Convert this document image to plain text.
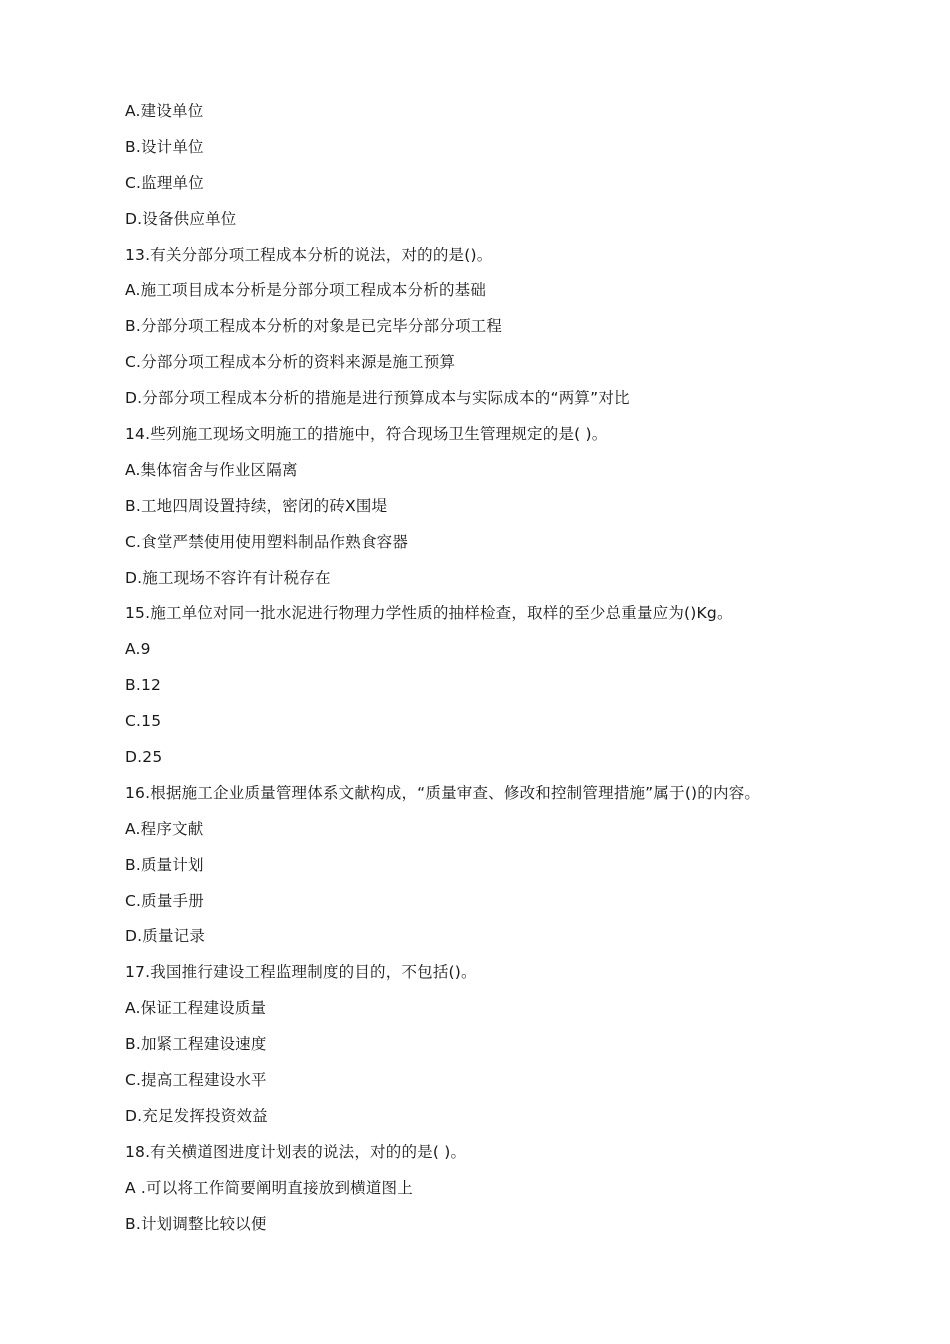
A.建设单位
B.设计单位
C.监理单位
D.设备供应单位
13.有关分部分项工程成本分析的说法，对的的是()。
A.施工项目成本分析是分部分项工程成本分析的基础
B.分部分项工程成本分析的对象是已完毕分部分项工程
C.分部分项工程成本分析的资料来源是施工预算
D.分部分项工程成本分析的措施是进行预算成本与实际成本的“两算”对比
14.些列施工现场文明施工的措施中，符合现场卫生管理规定的是( )。
A.集体宿舍与作业区隔离
B.工地四周设置持续，密闭的砖X围堤
C.食堂严禁使用使用塑料制品作熟食容器
D.施工现场不容许有计税存在
15.施工单位对同一批水泥进行物理力学性质的抽样检查，取样的至少总重量应为()Kg。
A.9
B.12
C.15
D.25
16.根据施工企业质量管理体系文献构成，“质量审查、修改和控制管理措施”属于()的内容。
A.程序文献
B.质量计划
C.质量手册
D.质量记录
17.我国推行建设工程监理制度的目的，不包括()。
A.保证工程建设质量
B.加紧工程建设速度
C.提高工程建设水平
D.充足发挥投资效益
18.有关横道图进度计划表的说法，对的的是( )。
A .可以将工作简要阐明直接放到横道图上
B.计划调整比较以便
